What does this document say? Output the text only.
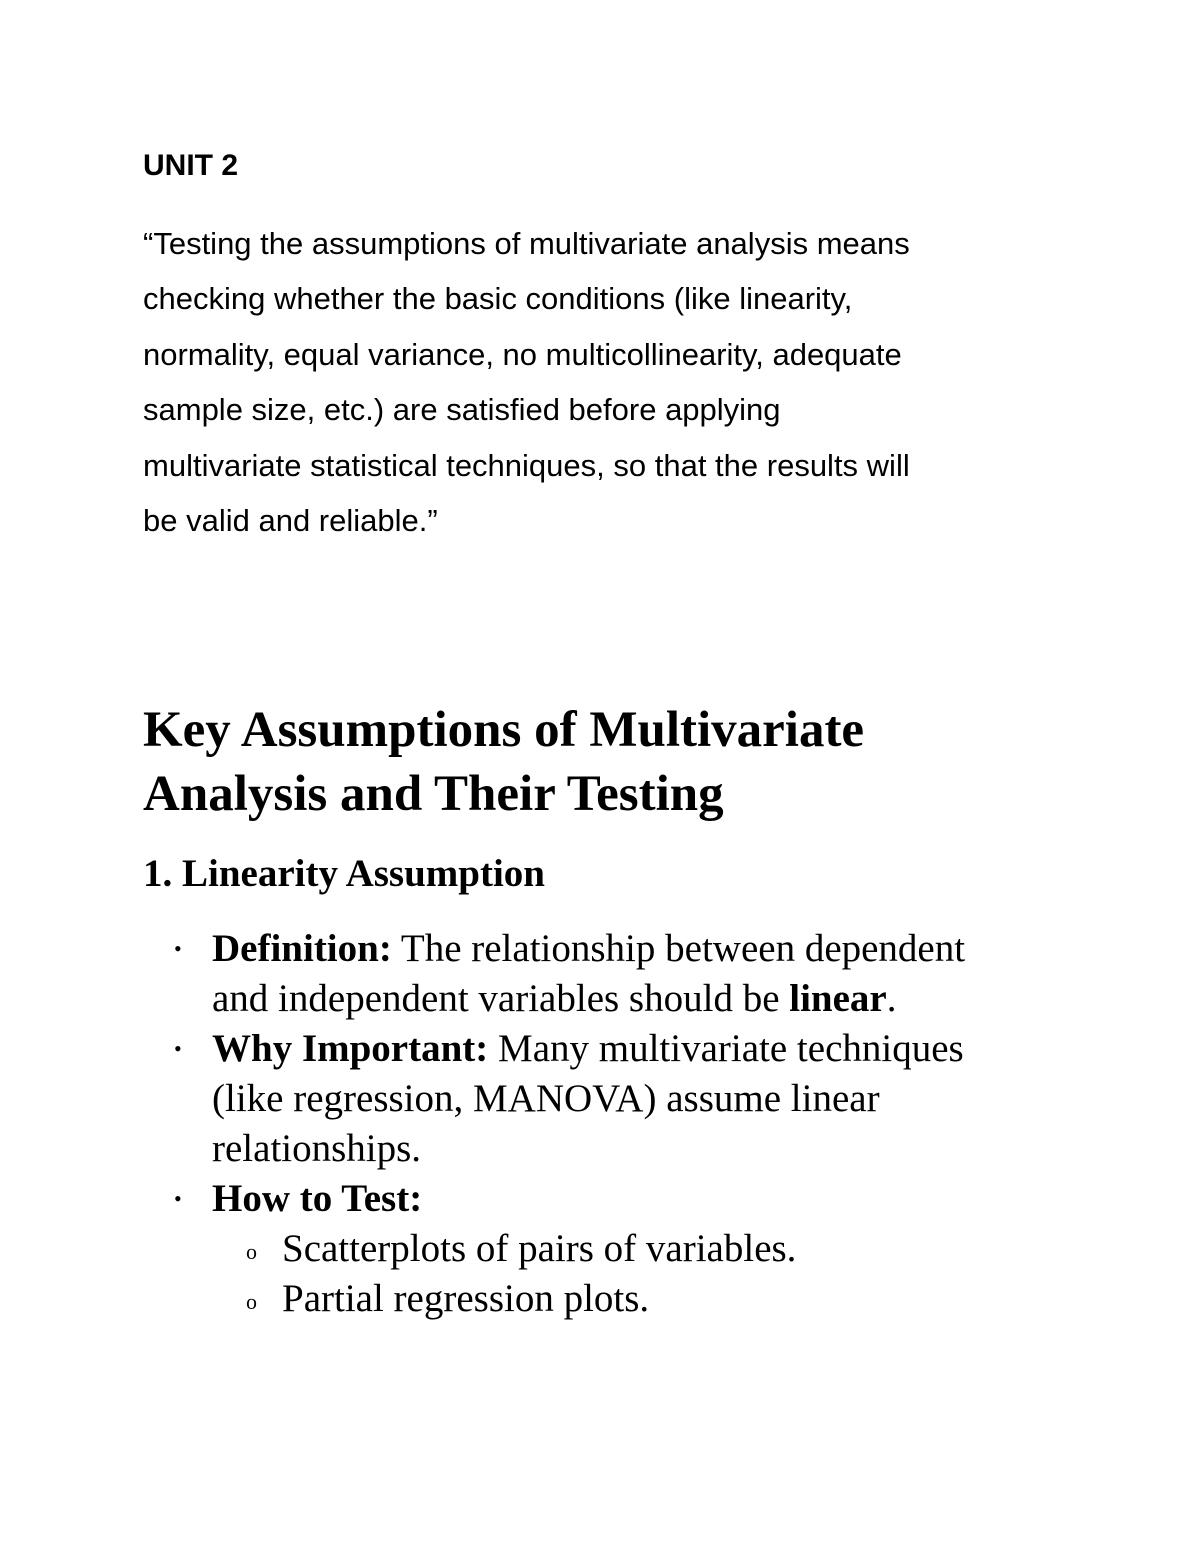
UNIT 2

“Testing the assumptions of multivariate analysis means
checking whether the basic conditions (like linearity,
normality, equal variance, no multicollinearity, adequate
sample size, etc.) are satisfied before applying
multivariate statistical techniques, so that the results will
be valid and reliable.”

Key Assumptions of Multivariate
Analysis and Their Testing
1. Linearity Assumption
• Definition: The relationship between dependent
and independent variables should be linear.
• Why Important: Many multivariate techniques
(like regression, MANOVA) assume linear
relationships.
• How to Test:
o Scatterplots of pairs of variables.
o Partial regression plots.
